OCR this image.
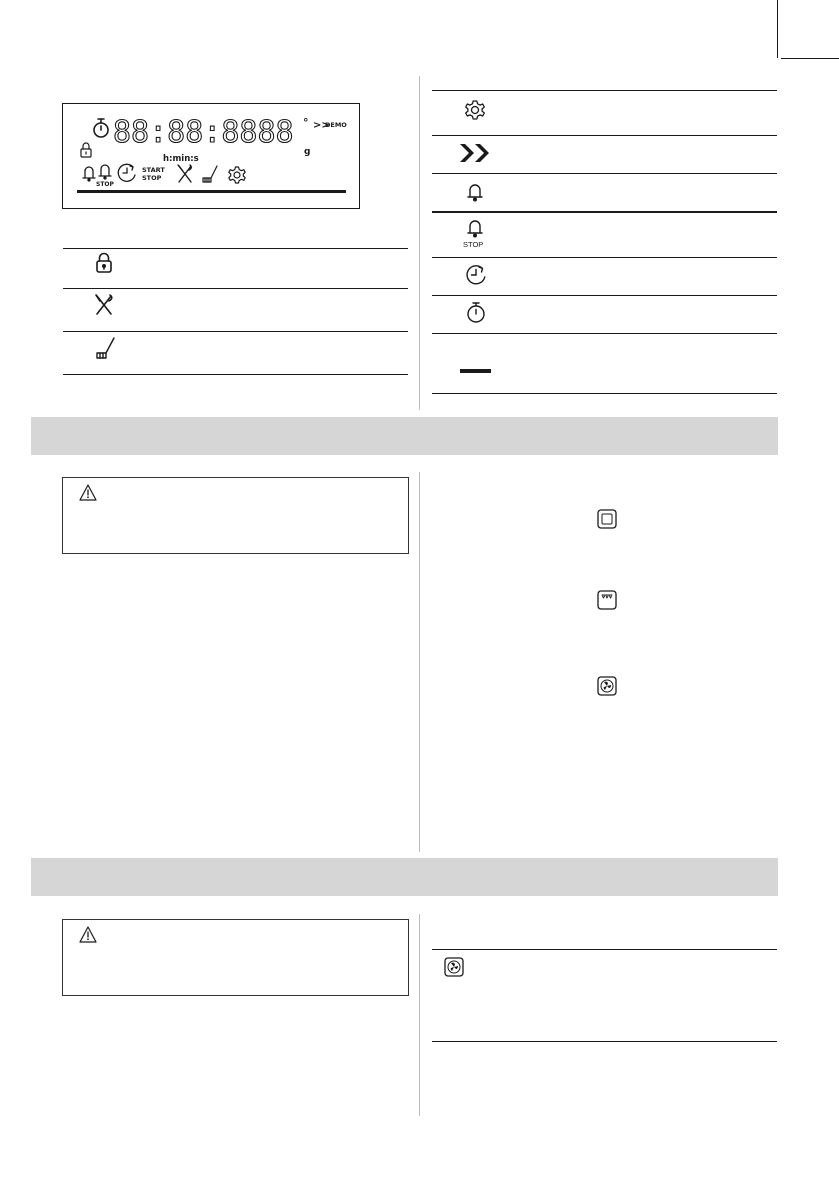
88:88:8888 ° >>
DEMO
g
h:min:s
STOP
START
STOP
STOP
